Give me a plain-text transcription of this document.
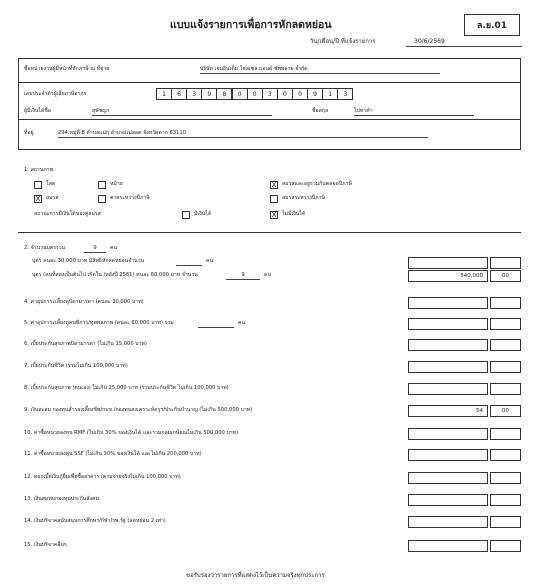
แบบแจ้งรายการเพื่อการหักลดหย่อน	ล.ย.01
วัน/เดือน/ปี ที่แจ้งรายการ	30/6/2569
ชื่อหน่วยงานผู้มีหน้าที่หักภาษี ณ ที่จ่าย	บริษัท เจนอินเด็ม โฮลเซล แอนด์ ซัพพลาย จำกัด
เลขประจำตัวผู้เสียภาษีอากร	1	6	3	9	8	0	0	3	0	0	9	1	3
ผู้มีเงินได้ชื่อ	สุพัชญา	ชื่อสกุล	ไปทาคำ
ที่อยู่	294 หมู่ที่ 8 ตำบลแม่กุ อำเภอแม่สอด จังหวัดตาก 63110
1. สถานภาพ
โสด	หม้าย	X	สมรสและอยู่ร่วมกันตลอดปีภาษี
X	สมรส	ตายระหว่างปีภาษี	สมรสระหว่างปีภาษี
สถานะการมีเงินได้ของคู่สมรส	มีเงินได้	X	ไม่มีเงินได้
2. จำนวนบุตรรวม	9	คน
บุตร คนละ 30,000 บาท มีสิทธิหักลดหย่อนจำนวน	คน
บุตร (คนที่สองเป็นต้นไป เกิดใน /หลังปี 2561) คนละ 60,000 บาท จำนวน	9	คน	540,000	00
4. ค่าอุปการะเลี้ยงดูบิดามารดา (คนละ 30,000 บาท)
5. ค่าอุปการะเลี้ยงดูคนพิการ/ทุพพลภาพ (คนละ 60,000 บาท) รวม	คน
6. เบี้ยประกันสุขภาพบิดามารดา (ไม่เกิน 15,000 บาท)
7. เบี้ยประกันชีวิต (รวมไม่เกิน 100,000 บาท)
8. เบี้ยประกันสุขภาพ (ตนเอง) ไม่เกิน 25,000 บาท (รวมประกันชีวิต ไม่เกิน 100,000 บาท)
9. เงินสะสม กองทุนสำรองเลี้ยงชีพ/กบข./กองทุนสงเคราะห์ครูฯ/ประกันบำนาญ (ไม่เกิน 500,000 บาท)	54	00
10. ค่าซื้อหน่วยลงทุน RMF (ไม่เกิน 30% ของเงินได้ และรวมกลุ่มเกษียณไม่เกิน 500,000 บาท)
11. ค่าซื้อหน่วยลงทุน SSF (ไม่เกิน 30% ของเงินได้ และไม่เกิน 200,000 บาท)
12. ดอกเบี้ยเงินกู้ยืมเพื่อซื้ออาคาร (ตามจ่ายจริงไม่เกิน 100,000 บาท)
13. เงินสมทบกองทุนประกันสังคม
14. เงินบริจาคสนับสนุนการศึกษา/กีฬา/รพ.รัฐ (ลดหย่อน 2 เท่า)
15. เงินบริจาคอื่นๆ
ขอรับรองว่ารายการที่แสดงไว้เป็นความจริงทุกประการ
